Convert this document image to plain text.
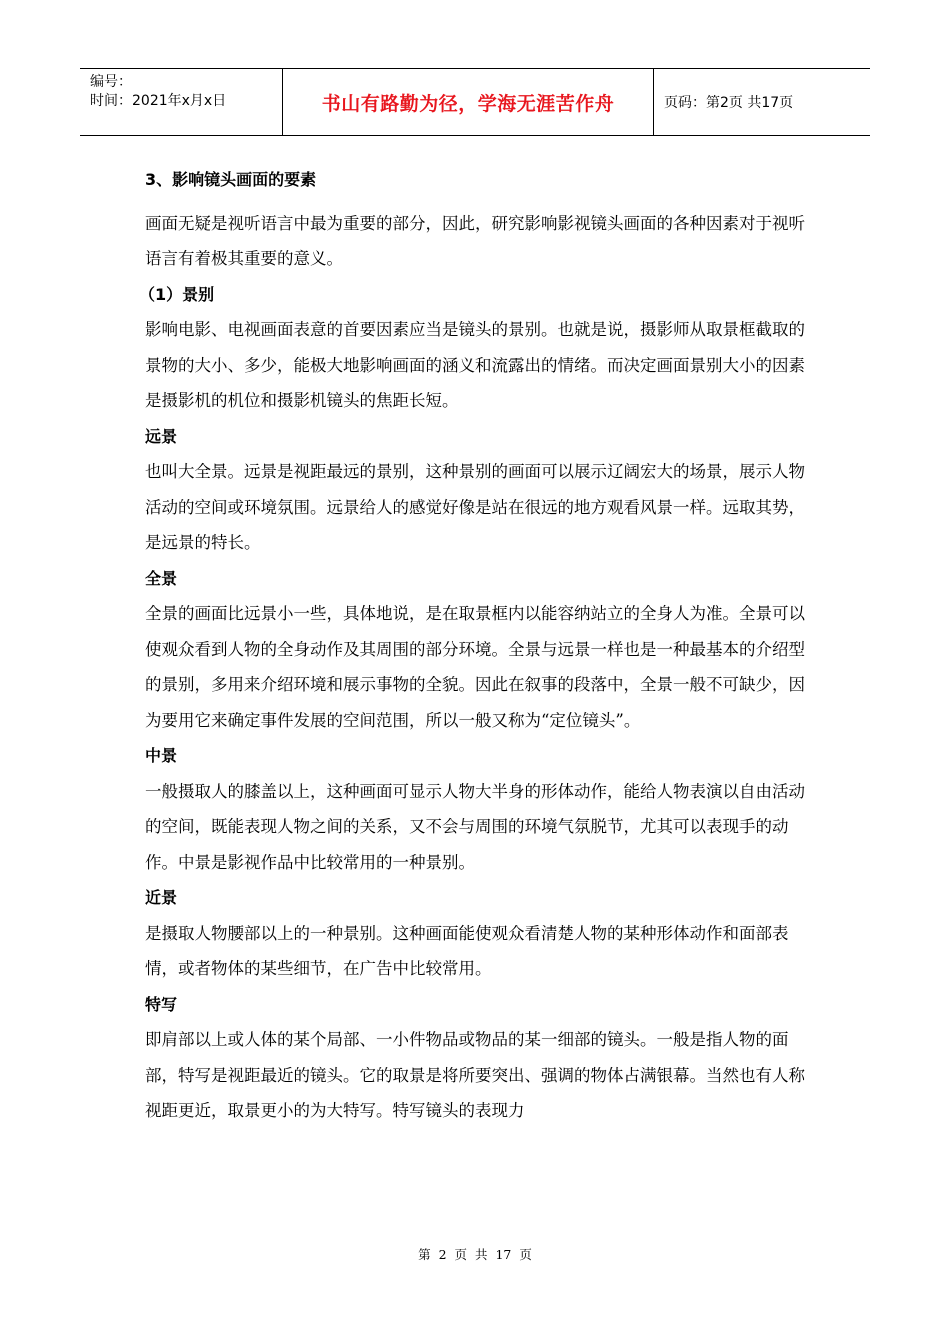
编号：
时间：2021年x月x日	书山有路勤为径，学海无涯苦作舟	页码：第2页 共17页

3、影响镜头画面的要素

画面无疑是视听语言中最为重要的部分，因此，研究影响影视镜头画面的各种因素对于视听语言有着极其重要的意义。

（1）景别

影响电影、电视画面表意的首要因素应当是镜头的景别。也就是说，摄影师从取景框截取的景物的大小、多少，能极大地影响画面的涵义和流露出的情绪。而决定画面景别大小的因素是摄影机的机位和摄影机镜头的焦距长短。

远景

也叫大全景。远景是视距最远的景别，这种景别的画面可以展示辽阔宏大的场景，展示人物活动的空间或环境氛围。远景给人的感觉好像是站在很远的地方观看风景一样。远取其势，是远景的特长。

全景

全景的画面比远景小一些，具体地说，是在取景框内以能容纳站立的全身人为准。全景可以使观众看到人物的全身动作及其周围的部分环境。全景与远景一样也是一种最基本的介绍型的景别，多用来介绍环境和展示事物的全貌。因此在叙事的段落中，全景一般不可缺少，因为要用它来确定事件发展的空间范围，所以一般又称为“定位镜头”。

中景

一般摄取人的膝盖以上，这种画面可显示人物大半身的形体动作，能给人物表演以自由活动的空间，既能表现人物之间的关系，又不会与周围的环境气氛脱节，尤其可以表现手的动作。中景是影视作品中比较常用的一种景别。

近景

是摄取人物腰部以上的一种景别。这种画面能使观众看清楚人物的某种形体动作和面部表情，或者物体的某些细节，在广告中比较常用。

特写

即肩部以上或人体的某个局部、一小件物品或物品的某一细部的镜头。一般是指人物的面部，特写是视距最近的镜头。它的取景是将所要突出、强调的物体占满银幕。当然也有人称视距更近，取景更小的为大特写。特写镜头的表现力

第 2 页 共 17 页
